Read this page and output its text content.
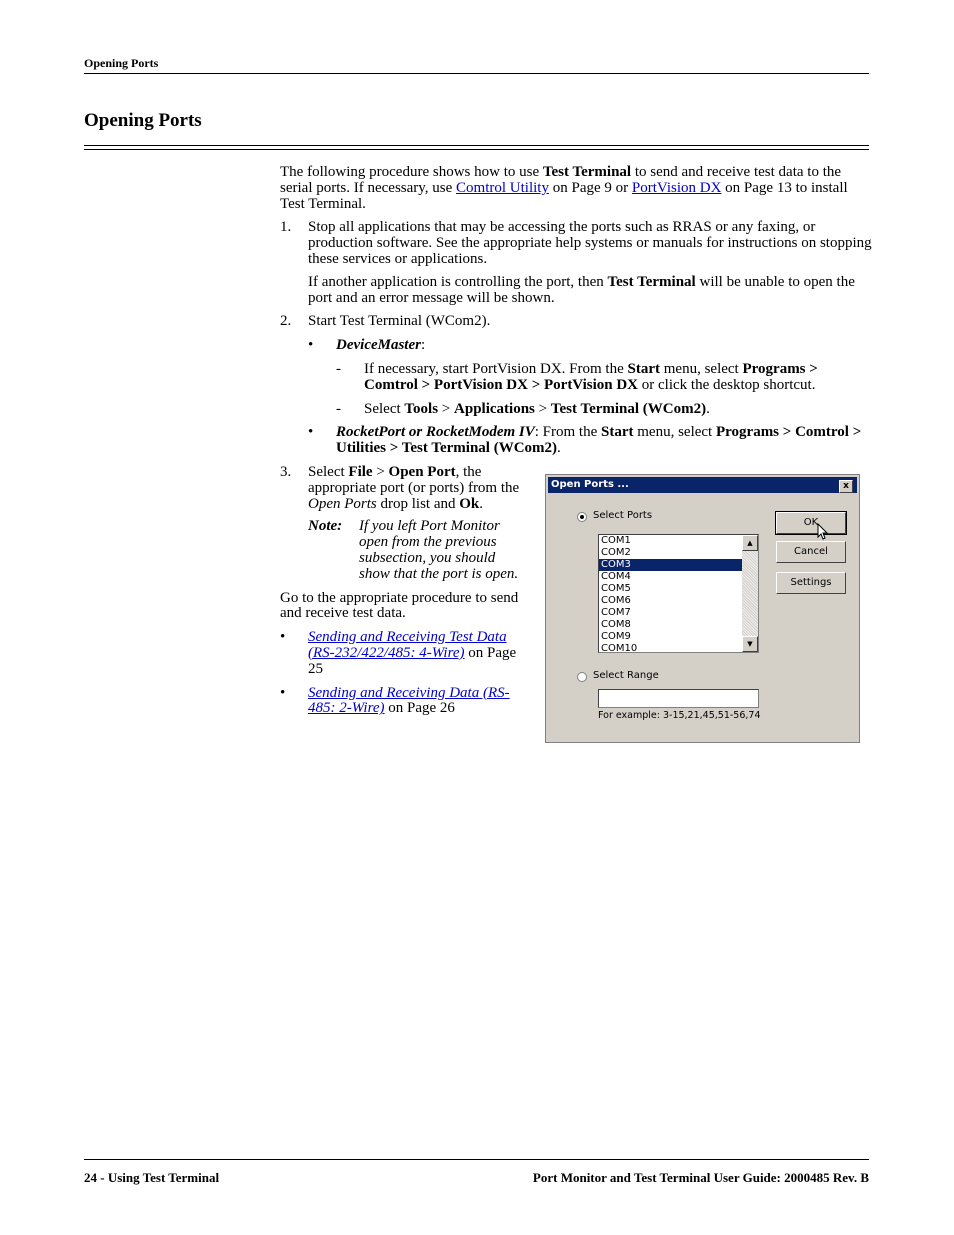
Opening Ports
Opening Ports

The following procedure shows how to use Test Terminal to send and receive test data to the serial ports. If necessary, use Comtrol Utility on Page 9 or PortVision DX on Page 13 to install Test Terminal.

1. Stop all applications that may be accessing the ports such as RRAS or any faxing, or production software. See the appropriate help systems or manuals for instructions on stopping these services or applications.

If another application is controlling the port, then Test Terminal will be unable to open the port and an error message will be shown.

2. Start Test Terminal (WCom2).

• DeviceMaster:

- If necessary, start PortVision DX. From the Start menu, select Programs > Comtrol > PortVision DX > PortVision DX or click the desktop shortcut.

- Select Tools > Applications > Test Terminal (WCom2).

• RocketPort or RocketModem IV: From the Start menu, select Programs > Comtrol > Utilities > Test Terminal (WCom2).

3. Select File > Open Port, the appropriate port (or ports) from the Open Ports drop list and Ok.

Note: If you left Port Monitor open from the previous subsection, you should show that the port is open.

Go to the appropriate procedure to send and receive test data.

• Sending and Receiving Test Data (RS-232/422/485: 4-Wire) on Page 25

• Sending and Receiving Data (RS-485: 2-Wire) on Page 26

Open Ports ...	x
Select Ports
COM1
COM2
COM3
COM4
COM5
COM6
COM7
COM8
COM9
COM10
▲
▼
OK
Cancel
Settings
Select Range
For example: 3-15,21,45,51-56,74
24 - Using Test Terminal	Port Monitor and Test Terminal User Guide: 2000485 Rev. B
